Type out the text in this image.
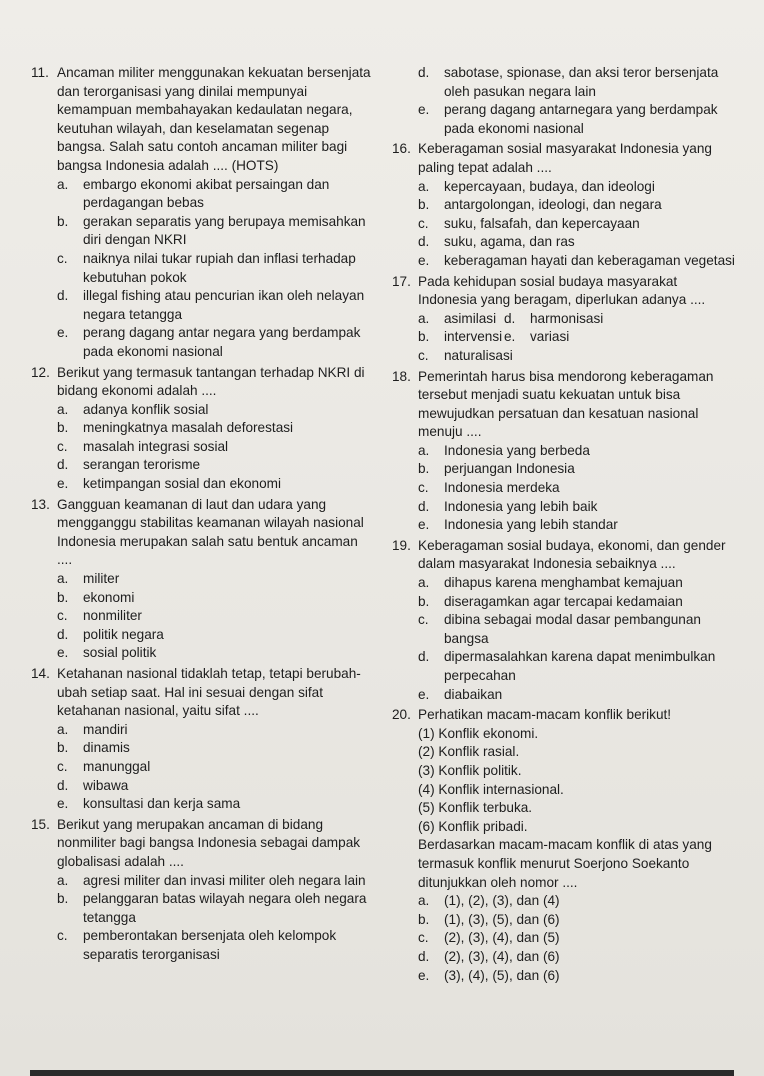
11. Ancaman militer menggunakan kekuatan bersenjata dan terorganisasi yang dinilai mempunyai kemampuan membahayakan kedaulatan negara, keutuhan wilayah, dan keselamatan segenap bangsa. Salah satu contoh ancaman militer bagi bangsa Indonesia adalah .... (HOTS)

a. embargo ekonomi akibat persaingan dan perdagangan bebas
b. gerakan separatis yang berupaya memisahkan diri dengan NKRI
c. naiknya nilai tukar rupiah dan inflasi terhadap kebutuhan pokok
d. illegal fishing atau pencurian ikan oleh nelayan negara tetangga
e. perang dagang antar negara yang berdampak pada ekonomi nasional
12. Berikut yang termasuk tantangan terhadap NKRI di bidang ekonomi adalah ....

a. adanya konflik sosial
b. meningkatnya masalah deforestasi
c. masalah integrasi sosial
d. serangan terorisme
e. ketimpangan sosial dan ekonomi
13. Gangguan keamanan di laut dan udara yang mengganggu stabilitas keamanan wilayah nasional Indonesia merupakan salah satu bentuk ancaman ....

a. militer
b. ekonomi
c. nonmiliter
d. politik negara
e. sosial politik
14. Ketahanan nasional tidaklah tetap, tetapi berubah-ubah setiap saat. Hal ini sesuai dengan sifat ketahanan nasional, yaitu sifat ....

a. mandiri
b. dinamis
c. manunggal
d. wibawa
e. konsultasi dan kerja sama
15. Berikut yang merupakan ancaman di bidang nonmiliter bagi bangsa Indonesia sebagai dampak globalisasi adalah ....

a. agresi militer dan invasi militer oleh negara lain
b. pelanggaran batas wilayah negara oleh negara tetangga
c. pemberontakan bersenjata oleh kelompok separatis terorganisasi
d. sabotase, spionase, dan aksi teror bersenjata oleh pasukan negara lain
e. perang dagang antarnegara yang berdampak pada ekonomi nasional
16. Keberagaman sosial masyarakat Indonesia yang paling tepat adalah ....

a. kepercayaan, budaya, dan ideologi
b. antargolongan, ideologi, dan negara
c. suku, falsafah, dan kepercayaan
d. suku, agama, dan ras
e. keberagaman hayati dan keberagaman vegetasi
17. Pada kehidupan sosial budaya masyarakat Indonesia yang beragam, diperlukan adanya ....

a. asimilasi d. harmonisasi
b. intervensi e. variasi
c. naturalisasi
18. Pemerintah harus bisa mendorong keberagaman tersebut menjadi suatu kekuatan untuk bisa mewujudkan persatuan dan kesatuan nasional menuju ....

a. Indonesia yang berbeda
b. perjuangan Indonesia
c. Indonesia merdeka
d. Indonesia yang lebih baik
e. Indonesia yang lebih standar
19. Keberagaman sosial budaya, ekonomi, dan gender dalam masyarakat Indonesia sebaiknya ....

a. dihapus karena menghambat kemajuan
b. diseragamkan agar tercapai kedamaian
c. dibina sebagai modal dasar pembangunan bangsa
d. dipermasalahkan karena dapat menimbulkan perpecahan
e. diabaikan
20. Perhatikan macam-macam konflik berikut!

(1) Konflik ekonomi.
(2) Konflik rasial.
(3) Konflik politik.
(4) Konflik internasional.
(5) Konflik terbuka.
(6) Konflik pribadi.

Berdasarkan macam-macam konflik di atas yang termasuk konflik menurut Soerjono Soekanto ditunjukkan oleh nomor ....

a. (1), (2), (3), dan (4)
b. (1), (3), (5), dan (6)
c. (2), (3), (4), dan (5)
d. (2), (3), (4), dan (6)
e. (3), (4), (5), dan (6)
